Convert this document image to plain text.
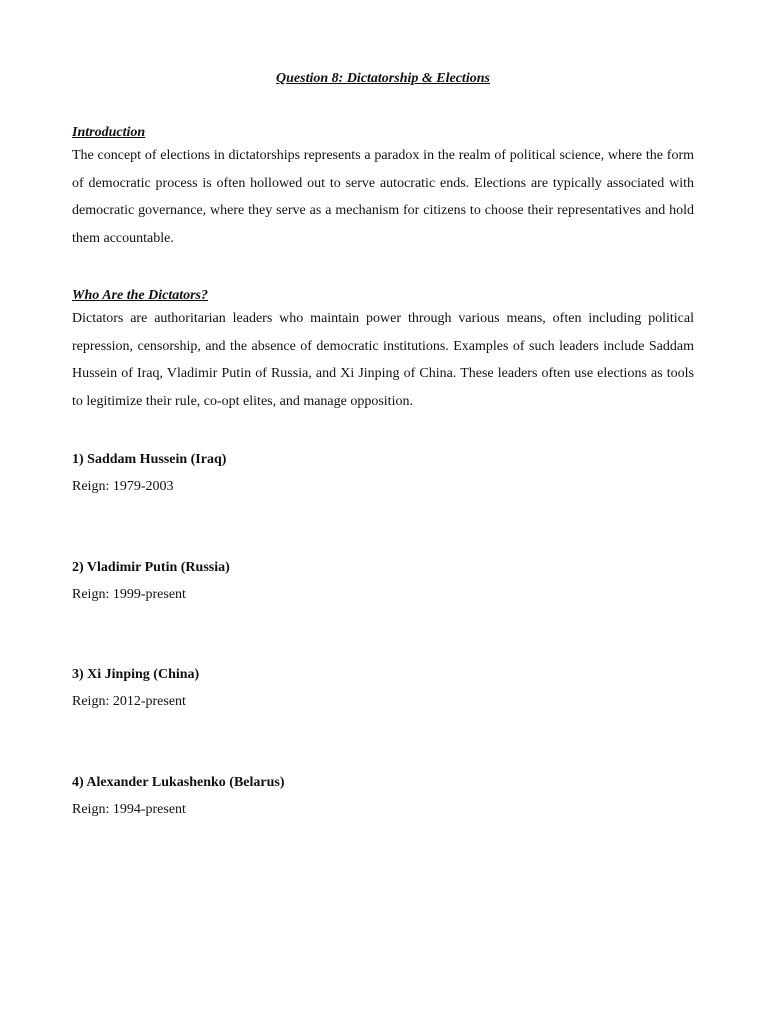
Question 8: Dictatorship & Elections

Introduction

The concept of elections in dictatorships represents a paradox in the realm of political science, where the form of democratic process is often hollowed out to serve autocratic ends. Elections are typically associated with democratic governance, where they serve as a mechanism for citizens to choose their representatives and hold them accountable.

Who Are the Dictators?

Dictators are authoritarian leaders who maintain power through various means, often including political repression, censorship, and the absence of democratic institutions. Examples of such leaders include Saddam Hussein of Iraq, Vladimir Putin of Russia, and Xi Jinping of China. These leaders often use elections as tools to legitimize their rule, co-opt elites, and manage opposition.

1) Saddam Hussein (Iraq)

Reign: 1979-2003

2) Vladimir Putin (Russia)

Reign: 1999-present

3) Xi Jinping (China)

Reign: 2012-present

4) Alexander Lukashenko (Belarus)

Reign: 1994-present
